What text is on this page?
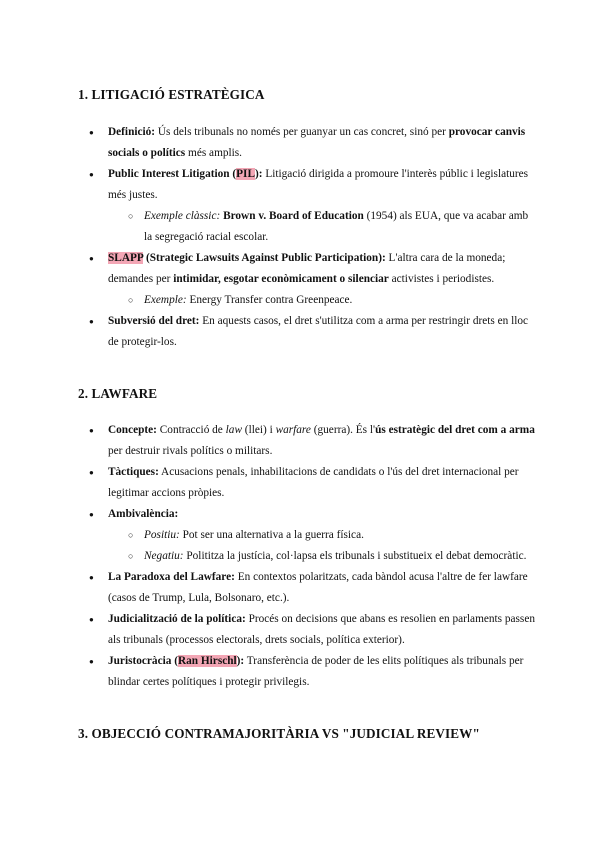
1. LITIGACIÓ ESTRATÈGICA
● Definició: Ús dels tribunals no només per guanyar un cas concret, sinó per provocar canvis socials o polítics més amplis.
● Public Interest Litigation (PIL): Litigació dirigida a promoure l'interès públic i legislatures més justes.
○ Exemple clàssic: Brown v. Board of Education (1954) als EUA, que va acabar amb la segregació racial escolar.
● SLAPP (Strategic Lawsuits Against Public Participation): L'altra cara de la moneda; demandes per intimidar, esgotar econòmicament o silenciar activistes i periodistes.
○ Exemple: Energy Transfer contra Greenpeace.
● Subversió del dret: En aquests casos, el dret s'utilitza com a arma per restringir drets en lloc de protegir-los.
2. LAWFARE
● Concepte: Contracció de law (llei) i warfare (guerra). És l'ús estratègic del dret com a arma per destruir rivals polítics o militars.
● Tàctiques: Acusacions penals, inhabilitacions de candidats o l'ús del dret internacional per legitimar accions pròpies.
● Ambivalència:
○ Positiu: Pot ser una alternativa a la guerra física.
○ Negatiu: Polititza la justícia, col·lapsa els tribunals i substitueix el debat democràtic.
● La Paradoxa del Lawfare: En contextos polaritzats, cada bàndol acusa l'altre de fer lawfare (casos de Trump, Lula, Bolsonaro, etc.).
● Judicialització de la política: Procés on decisions que abans es resolien en parlaments passen als tribunals (processos electorals, drets socials, política exterior).
● Juristocràcia (Ran Hirschl): Transferència de poder de les elits polítiques als tribunals per blindar certes polítiques i protegir privilegis.
3. OBJECCIÓ CONTRAMAJORITÀRIA VS "JUDICIAL REVIEW"
